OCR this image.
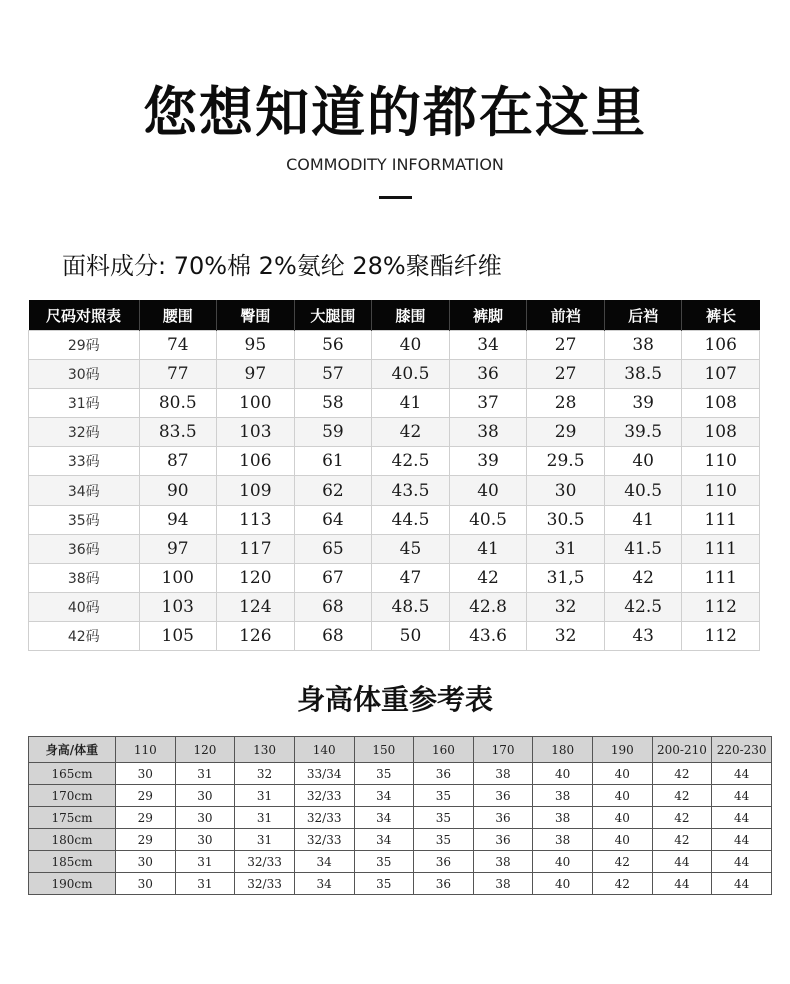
您想知道的都在这里
COMMODITY INFORMATION
面料成分: 70%棉 2%氨纶 28%聚酯纤维
尺码对照表	腰围	臀围	大腿围	膝围	裤脚	前裆	后裆	裤长
29码	74	95	56	40	34	27	38	106
30码	77	97	57	40.5	36	27	38.5	107
31码	80.5	100	58	41	37	28	39	108
32码	83.5	103	59	42	38	29	39.5	108
33码	87	106	61	42.5	39	29.5	40	110
34码	90	109	62	43.5	40	30	40.5	110
35码	94	113	64	44.5	40.5	30.5	41	111
36码	97	117	65	45	41	31	41.5	111
38码	100	120	67	47	42	31,5	42	111
40码	103	124	68	48.5	42.8	32	42.5	112
42码	105	126	68	50	43.6	32	43	112
身高体重参考表
身高/体重	110	120	130	140	150	160	170	180	190	200-210	220-230
165cm	30	31	32	33/34	35	36	38	40	40	42	44
170cm	29	30	31	32/33	34	35	36	38	40	42	44
175cm	29	30	31	32/33	34	35	36	38	40	42	44
180cm	29	30	31	32/33	34	35	36	38	40	42	44
185cm	30	31	32/33	34	35	36	38	40	42	44	44
190cm	30	31	32/33	34	35	36	38	40	42	44	44
